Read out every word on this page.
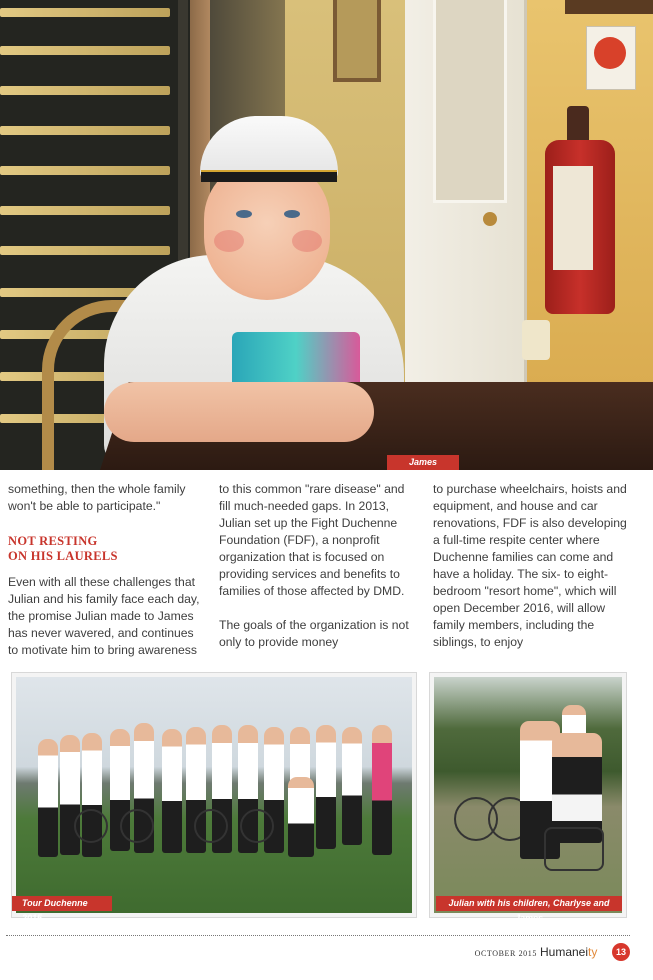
James

something, then the whole family won't be able to participate."

NOT RESTING
ON HIS LAURELS

Even with all these challenges that Julian and his family face each day, the promise Julian made to James has never wavered, and continues to motivate him to bring awareness

to this common "rare disease" and fill much-needed gaps. In 2013, Julian set up the Fight Duchenne Foundation (FDF), a nonprofit organization that is focused on providing services and benefits to families of those affected by DMD.

The goals of the organization is not only to provide money

to purchase wheelchairs, hoists and equipment, and house and car renovations, FDF is also developing a full-time respite center where Duchenne families can come and have a holiday. The six- to eight-bedroom "resort home", which will open December 2016, will allow family members, including the siblings, to enjoy

Tour Duchenne 2015
Julian with his children, Charlyse and James
OCTOBER 2015 Humaneity	13
